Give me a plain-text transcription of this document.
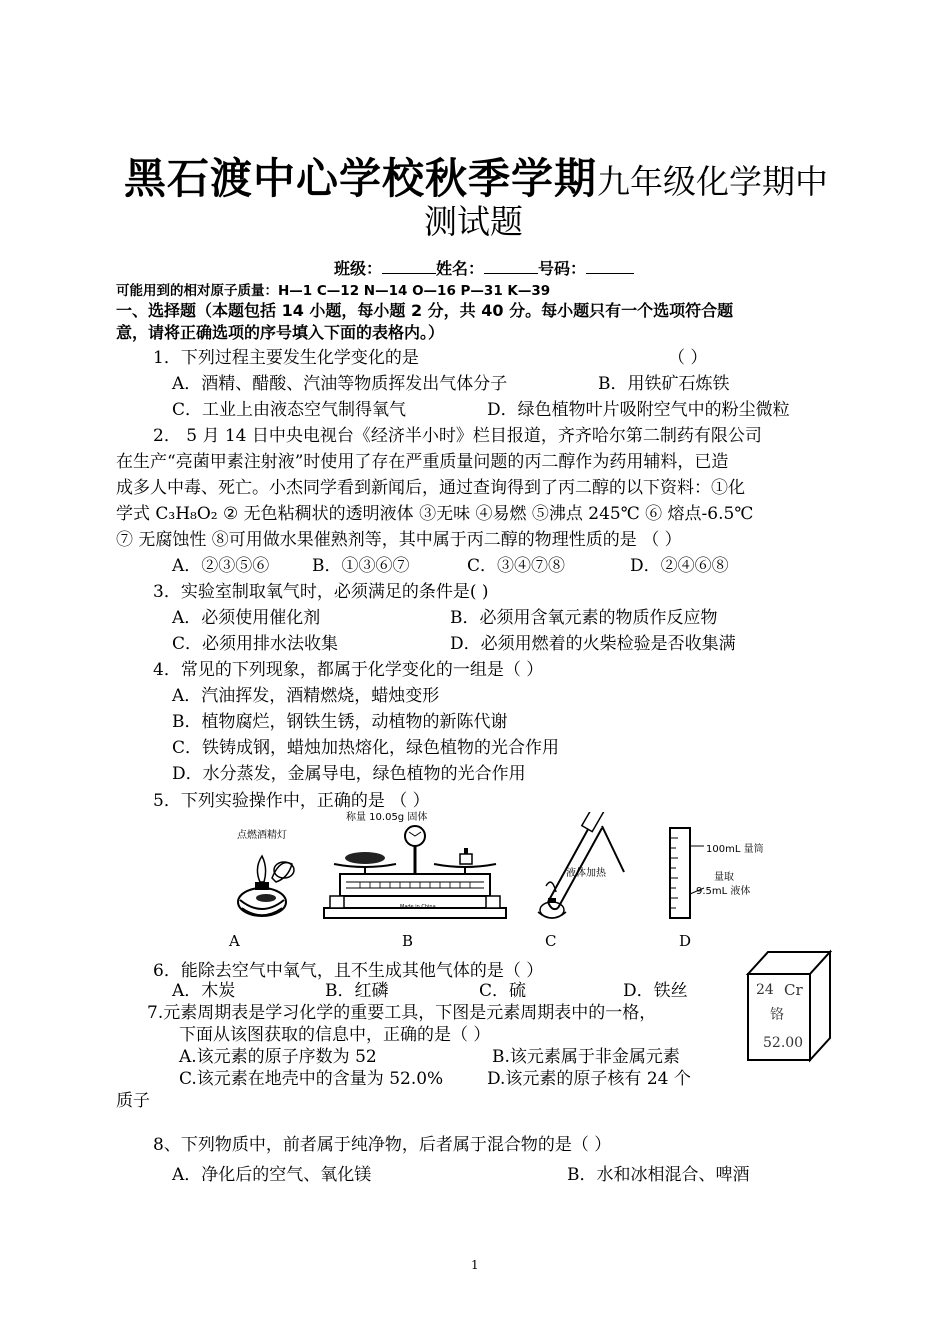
黑石渡中心学校秋季学期九年级化学期中
测试题
班级：	姓名：	号码：
可能用到的相对原子质量：H—1 C—12 N—14 O—16 P—31 K—39
一、选择题（本题包括 14 小题，每小题 2 分，共 40 分。每小题只有一个选项符合题
意，请将正确选项的序号填入下面的表格内。）
1．下列过程主要发生化学变化的是	（ ）
A．酒精、醋酸、汽油等物质挥发出气体分子	B．用铁矿石炼铁
C．工业上由液态空气制得氧气	D．绿色植物叶片吸附空气中的粉尘微粒
2． 5 月 14 日中央电视台《经济半小时》栏目报道，齐齐哈尔第二制药有限公司
在生产“亮菌甲素注射液”时使用了存在严重质量问题的丙二醇作为药用辅料，已造
成多人中毒、死亡。小杰同学看到新闻后，通过查询得到了丙二醇的以下资料：①化
学式 C₃H₈O₂ ② 无色粘稠状的透明液体 ③无味 ④易燃 ⑤沸点 245℃ ⑥ 熔点-6.5℃
⑦ 无腐蚀性 ⑧可用做水果催熟剂等，其中属于丙二醇的物理性质的是 （ ）
A．②③⑤⑥	B．①③⑥⑦	C．③④⑦⑧	D．②④⑥⑧
3．实验室制取氧气时，必须满足的条件是( )
A．必须使用催化剂	B．必须用含氧元素的物质作反应物
C．必须用排水法收集	D．必须用燃着的火柴检验是否收集满
4．常见的下列现象，都属于化学变化的一组是（ ）
A．汽油挥发，酒精燃烧，蜡烛变形
B．植物腐烂，钢铁生锈，动植物的新陈代谢
C．铁铸成钢，蜡烛加热熔化，绿色植物的光合作用
D．水分蒸发，金属导电，绿色植物的光合作用
5．下列实验操作中，正确的是 （ ）
点燃酒精灯
称量 10.05g 固体
Made in China
液体加热
100mL 量筒
量取
9.5mL 液体
A	B	C	D
6．能除去空气中氧气，且不生成其他气体的是（ ）
A．木炭	B．红磷	C．硫	D．铁丝	24 Cr
铬
52.00
7.元素周期表是学习化学的重要工具，下图是元素周期表中的一格，
下面从该图获取的信息中，正确的是（ ）
A.该元素的原子序数为 52	B.该元素属于非金属元素
C.该元素在地壳中的含量为 52.0%	D.该元素的原子核有 24 个
质子
8、下列物质中，前者属于纯净物，后者属于混合物的是（ ）
A．净化后的空气、氧化镁	B．水和冰相混合、啤酒
1
